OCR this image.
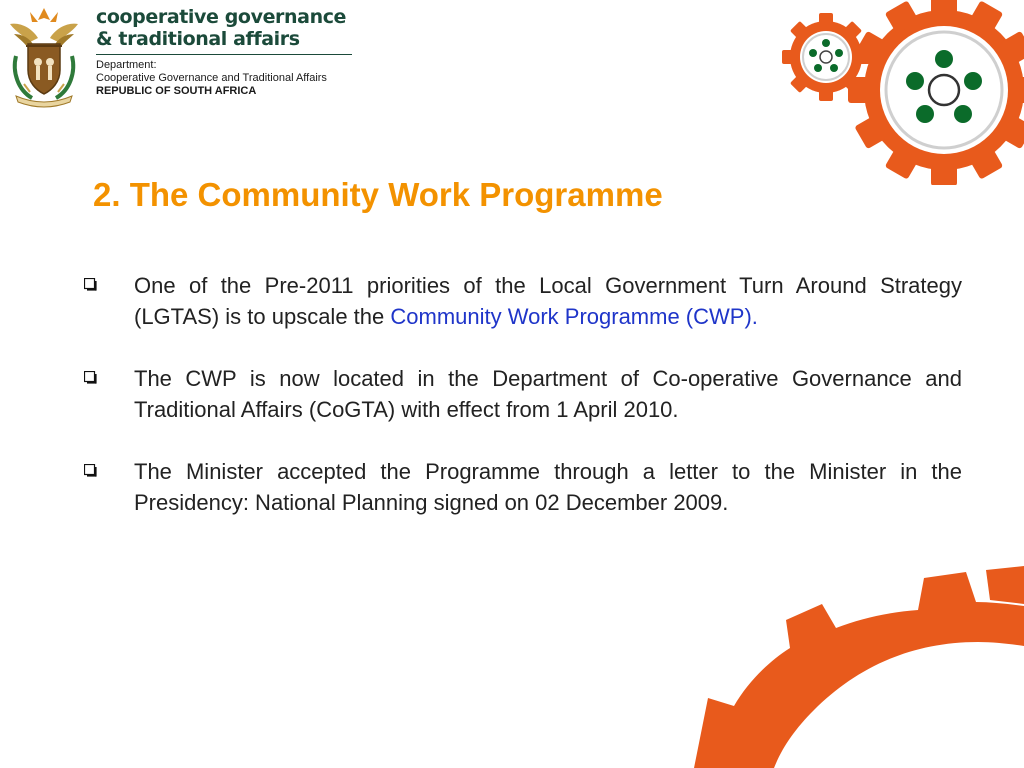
cooperative governance
& traditional affairs
Department:
Cooperative Governance and Traditional Affairs
REPUBLIC OF SOUTH AFRICA
2. The Community Work Programme
One of the Pre-2011 priorities of the Local Government Turn Around Strategy (LGTAS) is to upscale the Community Work Programme (CWP).
The CWP is now located in the Department of Co-operative Governance and Traditional Affairs (CoGTA) with effect from 1 April 2010.
The Minister accepted the Programme through a letter to the Minister in the Presidency: National Planning signed on 02 December 2009.
